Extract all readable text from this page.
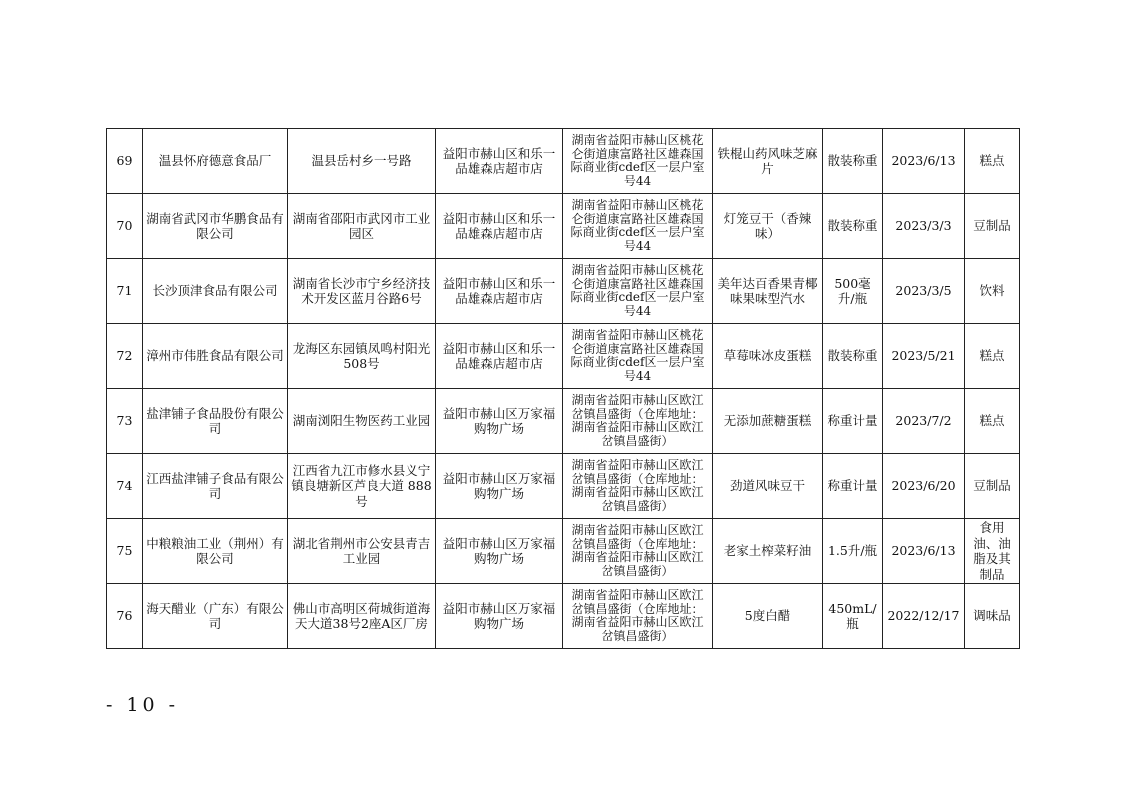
69	温县怀府德意食品厂	温县岳村乡一号路	益阳市赫山区和乐一品雄森店超市店	湖南省益阳市赫山区桃花仑街道康富路社区雄森国际商业街cdef区一层户室号44	铁棍山药风味芝麻片	散装称重	2023/6/13	糕点
70	湖南省武冈市华鹏食品有限公司	湖南省邵阳市武冈市工业园区	益阳市赫山区和乐一品雄森店超市店	湖南省益阳市赫山区桃花仑街道康富路社区雄森国际商业街cdef区一层户室号44	灯笼豆干（香辣味）	散装称重	2023/3/3	豆制品
71	长沙顶津食品有限公司	湖南省长沙市宁乡经济技术开发区蓝月谷路6号	益阳市赫山区和乐一品雄森店超市店	湖南省益阳市赫山区桃花仑街道康富路社区雄森国际商业街cdef区一层户室号44	美年达百香果青椰味果味型汽水	500毫升/瓶	2023/3/5	饮料
72	漳州市伟胜食品有限公司	龙海区东园镇凤鸣村阳光508号	益阳市赫山区和乐一品雄森店超市店	湖南省益阳市赫山区桃花仑街道康富路社区雄森国际商业街cdef区一层户室号44	草莓味冰皮蛋糕	散装称重	2023/5/21	糕点
73	盐津铺子食品股份有限公司	湖南浏阳生物医药工业园	益阳市赫山区万家福购物广场	湖南省益阳市赫山区欧江岔镇昌盛街（仓库地址：湖南省益阳市赫山区欧江岔镇昌盛街）	无添加蔗糖蛋糕	称重计量	2023/7/2	糕点
74	江西盐津铺子食品有限公司	江西省九江市修水县义宁镇良塘新区芦良大道 888 号	益阳市赫山区万家福购物广场	湖南省益阳市赫山区欧江岔镇昌盛街（仓库地址：湖南省益阳市赫山区欧江岔镇昌盛街）	劲道风味豆干	称重计量	2023/6/20	豆制品
75	中粮粮油工业（荆州）有限公司	湖北省荆州市公安县青吉工业园	益阳市赫山区万家福购物广场	湖南省益阳市赫山区欧江岔镇昌盛街（仓库地址：湖南省益阳市赫山区欧江岔镇昌盛街）	老家土榨菜籽油	1.5升/瓶	2023/6/13	食用油、油脂及其制品
76	海天醋业（广东）有限公司	佛山市高明区荷城街道海天大道38号2座A区厂房	益阳市赫山区万家福购物广场	湖南省益阳市赫山区欧江岔镇昌盛街（仓库地址：湖南省益阳市赫山区欧江岔镇昌盛街）	5度白醋	450mL/瓶	2022/12/17	调味品
- 10 -
